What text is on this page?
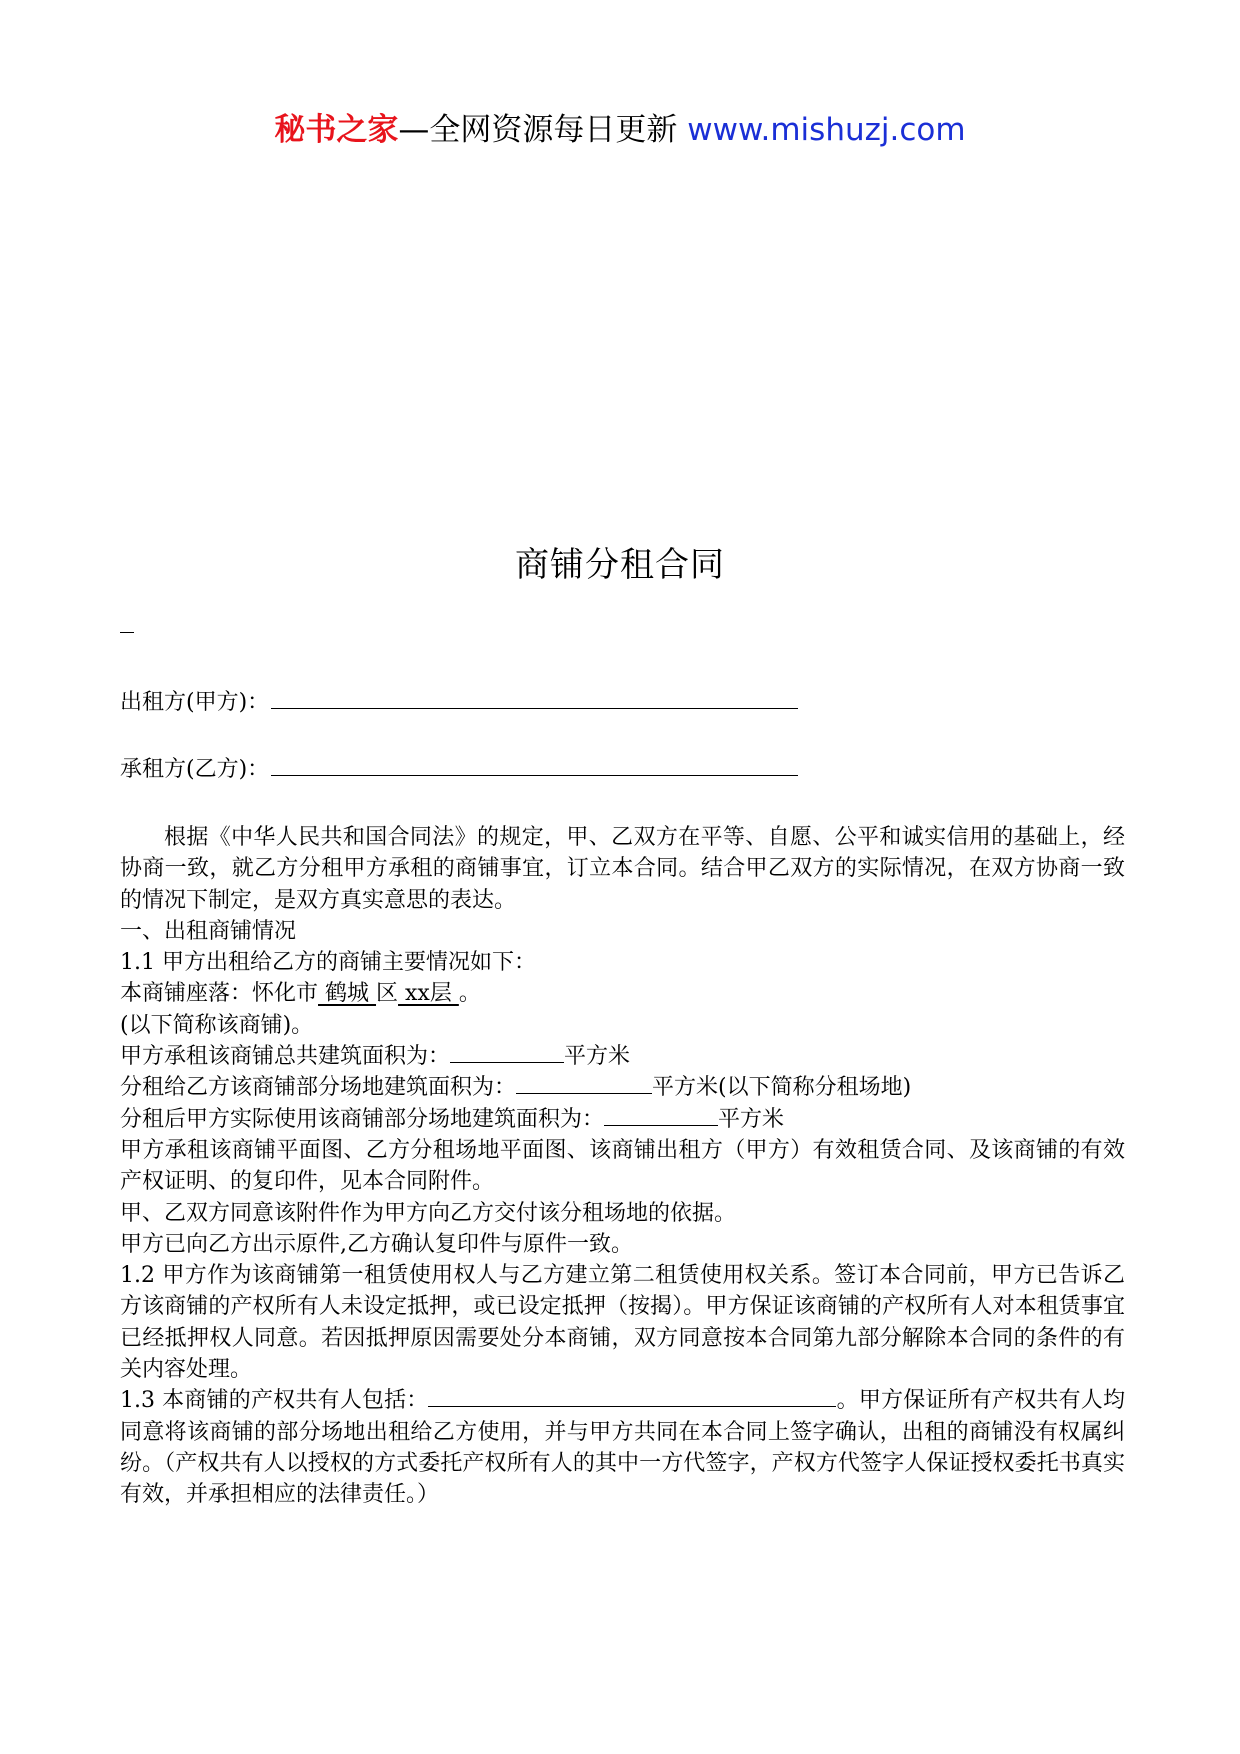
秘书之家—全网资源每日更新 www.mishuzj.com
商铺分租合同
出租方(甲方)：
承租方(乙方)：

根据《中华人民共和国合同法》的规定，甲、乙双方在平等、自愿、公平和诚实信用的基础上，经协商一致，就乙方分租甲方承租的商铺事宜，订立本合同。结合甲乙双方的实际情况，在双方协商一致的情况下制定，是双方真实意思的表达。

一、出租商铺情况

1.1 甲方出租给乙方的商铺主要情况如下：

本商铺座落：怀化市 鹤城 区 xx层 。

(以下简称该商铺)。

甲方承租该商铺总共建筑面积为：	平方米

分租给乙方该商铺部分场地建筑面积为：	平方米(以下简称分租场地)

分租后甲方实际使用该商铺部分场地建筑面积为：	平方米

甲方承租该商铺平面图、乙方分租场地平面图、该商铺出租方（甲方）有效租赁合同、及该商铺的有效产权证明、的复印件，见本合同附件。

甲、乙双方同意该附件作为甲方向乙方交付该分租场地的依据。

甲方已向乙方出示原件,乙方确认复印件与原件一致。

1.2 甲方作为该商铺第一租赁使用权人与乙方建立第二租赁使用权关系。签订本合同前，甲方已告诉乙方该商铺的产权所有人未设定抵押，或已设定抵押（按揭）。甲方保证该商铺的产权所有人对本租赁事宜已经抵押权人同意。若因抵押原因需要处分本商铺，双方同意按本合同第九部分解除本合同的条件的有关内容处理。

1.3 本商铺的产权共有人包括：	。甲方保证所有产权共有人均同意将该商铺的部分场地出租给乙方使用，并与甲方共同在本合同上签字确认，出租的商铺没有权属纠纷。（产权共有人以授权的方式委托产权所有人的其中一方代签字，产权方代签字人保证授权委托书真实有效，并承担相应的法律责任。）
